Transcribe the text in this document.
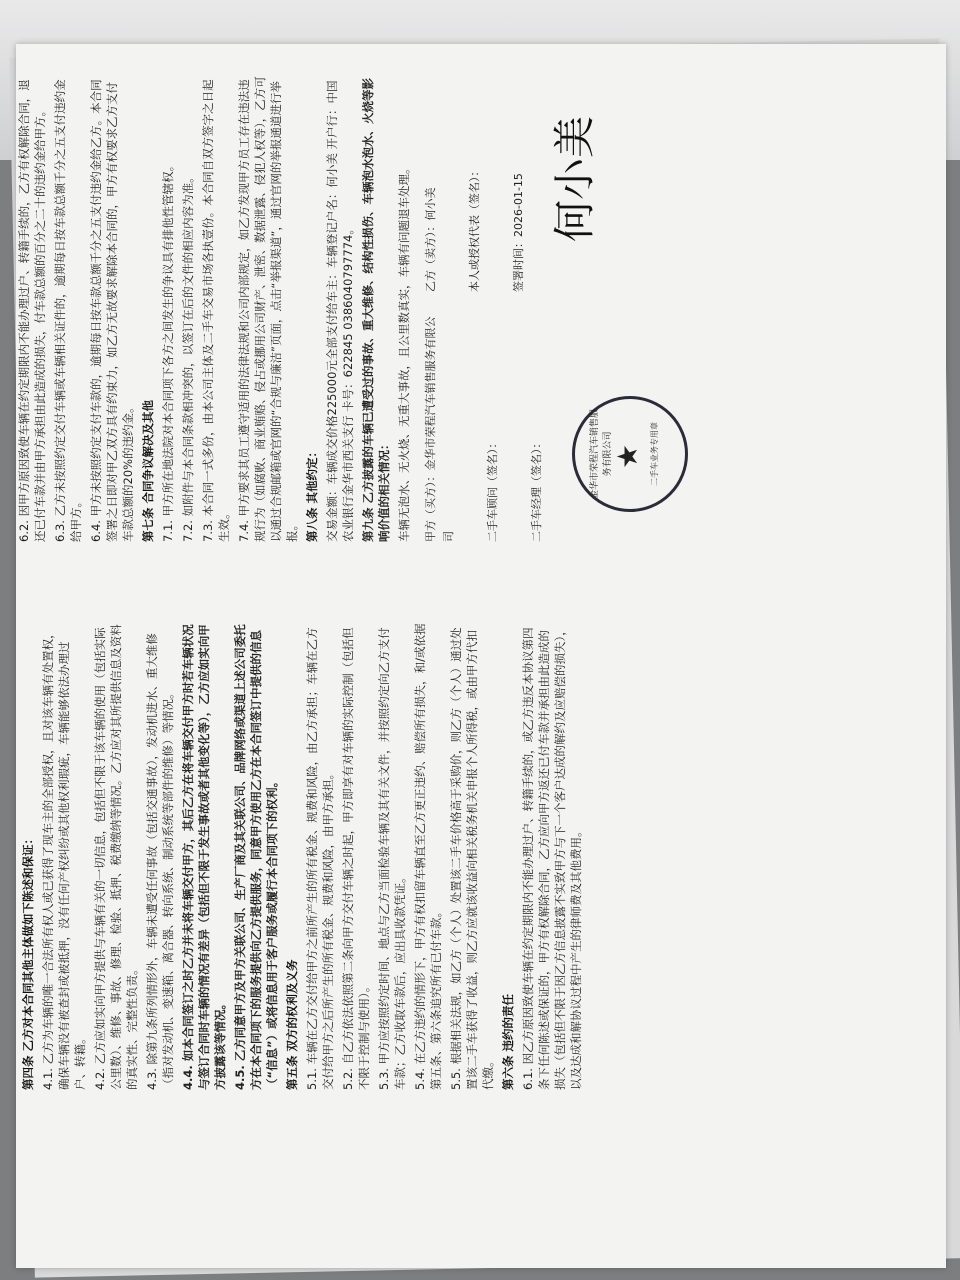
第四条 乙方对本合同其他主体做如下陈述和保证： 4.1. 乙方为车辆的唯一合法所有权人或已获得了现车主的全部授权，且对该车辆有处置权，确保车辆没有被查封或被抵押，没有任何产权纠纷或其他权利瑕疵，车辆能够依法办理过户、转籍。 4.2. 乙方应如实向甲方提供与车辆有关的一切信息，包括但不限于该车辆的使用（包括实际公里数）、维修、事故、修理、检验、抵押、税费缴纳等情况。乙方应对其所提供信息及资料的真实性、完整性负责。 4.3. 除第九条所列情形外，车辆未遭受任何事故（包括交通事故），发动机进水、重大维修（指对发动机、变速箱、离合器、转向系统、制动系统等部件的维修）等情况。 4.4. 如本合同签订之时乙方并未将车辆交付甲方，其后乙方在将车辆交付甲方时若车辆状况与签订合同时车辆的情况有差异（包括但不限于发生事故或者其他变化等），乙方应如实向甲方披露该等情况。 4.5. 乙方同意甲方及甲方关联公司、生产厂商及其关联公司、品牌网络或渠道上述公司委托方在本合同项下的服务提供向乙方提供服务，同意甲方使用乙方在本合同签订中提供的信息（“信息”）或将信息用于客户服务或履行本合同项下的权利。 第五条 双方的权利及义务 5.1. 车辆在乙方交付给甲方之前所产生的所有税金、规费和风险，由乙方承担；车辆在乙方交付给甲方之后所产生的所有税金、规费和风险，由甲方承担。 5.2. 自乙方依法依照第二条向甲方交付车辆之时起，甲方即享有对车辆的实际控制（包括但不限于控制与使用）。 5.3. 甲方应按照约定时间、地点与乙方当面检验车辆及其有关文件，并按照约定向乙方支付车款；乙方收取车款后，应出具收款凭证。 5.4. 在乙方违约的情形下，甲方有权扣留车辆直至乙方更正违约、赔偿所有损失，和/或依据第五条、第六条追究所有已付车款。 5.5. 根据相关法规，如乙方（个人）处置该二手车价格高于采购价，则乙方（个人）通过处置该二手车获得了收益，则乙方应就该收益向相关税务机关申报个人所得税，或由甲方代扣代缴。 第六条 违约的责任 6.1. 因乙方原因致使车辆在约定期限内不能办理过户、转籍手续的，或乙方违反本协议第四条下任何陈述或保证的，甲方有权解除合同，乙方应向甲方返还已付车款并承担由此造成的损失（包括但不限于因乙方信息披露不实致甲方与下一个客户达成的解约及应赔偿的损失），以及达成和解协议过程中产生的律师费及其他费用。

6.2. 因甲方原因致使车辆在约定期限内不能办理过户、转籍手续的，乙方有权解除合同，退还已付车款并由甲方承担由此造成的损失，付车款总额的百分之二十的违约金给甲方。 6.3. 乙方未按照约定交付车辆或车辆相关证件的，逾期每日按车款总额千分之五支付违约金给甲方。 6.4. 甲方未按照约定支付车款的，逾期每日按车款总额千分之五支付违约金给乙方。本合同签署之日即对甲乙双方具有约束力，如乙方无故要求解除本合同的，甲方有权要求乙方支付车款总额的20%的违约金。 第七条 合同争议解决及其他 7.1. 甲方所在地法院对本合同项下各方之间发生的争议具有排他性管辖权。 7.2. 如附件与本合同条款相冲突的，以签订在后的文件的相应内容为准。 7.3. 本合同一式多份，由本公司主体及二手车交易市场各执壹份。本合同自双方签字之日起生效。 7.4. 甲方要求其员工遵守适用的法律法规和公司内部规定，如乙方发现甲方员工存在违法违规行为（如腐败、商业贿赂、侵占或挪用公司财产、泄密、数据泄露、侵犯人权等），乙方可以通过合规邮箱或官网的“合规与廉洁”页面，点击“举报渠道”，通过官网的举报通道进行举报。 第八条 其他约定： 交易金额：车辆成交价格225000元全部支付给车主：车辆登记户名：何小美 开户行：中国农业银行金华市西关支行 卡号：622845 0386040797774。 第九条 乙方披露的车辆已遭受过的事故、重大维修、结构性损伤、车辆泡水泡水、火烧等影响价值的相关情况： 车辆无泡水、无火烧、无重大事故，且公里数真实，车辆有问题退车处理。 甲方（买方）：金华市荣程汽车销售服务有限公司	二手车顾问（签名）：	二手车经理（签名）：	金华市荣程汽车销售服务有限公司
★ 二手车业务专用章
乙方（卖方）：何小美	本人或授权代表（签名）：	签署时间：2026-01-15 何小美
